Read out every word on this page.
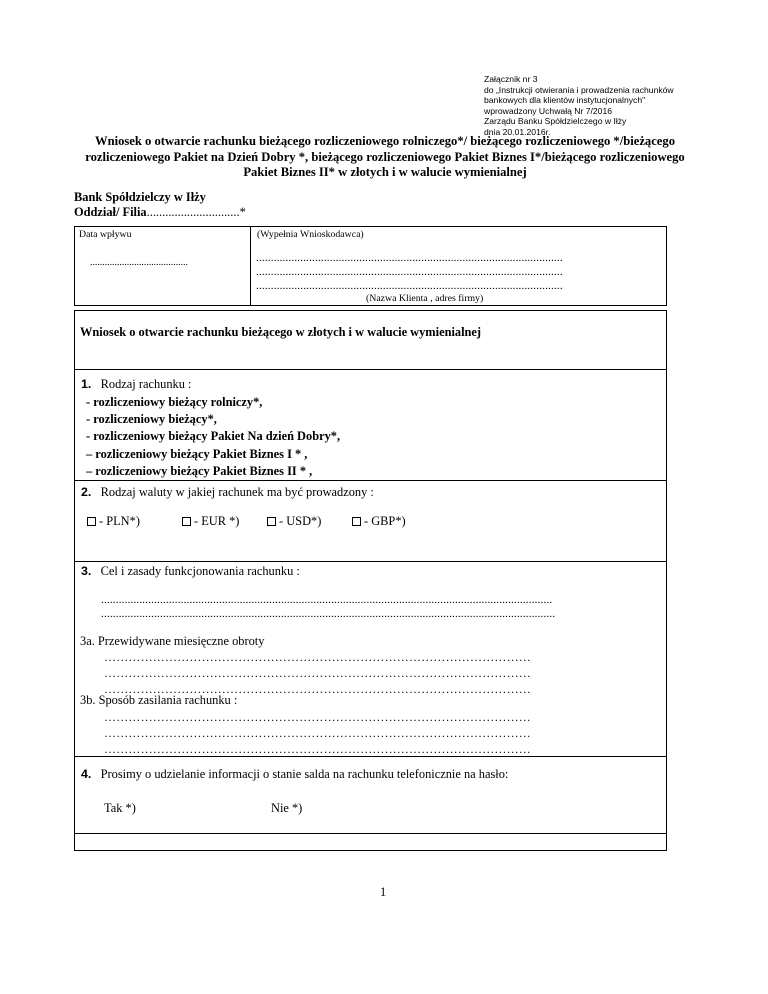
Załącznik nr 3
do „Instrukcji otwierania i prowadzenia rachunków
bankowych dla klientów instytucjonalnych"
wprowadzony Uchwałą Nr 7/2016
Zarządu Banku Spółdzielczego w Iłży
dnia 20.01.2016r.
Wniosek o otwarcie rachunku bieżącego rozliczeniowego rolniczego*/ bieżącego rozliczeniowego */bieżącego
rozliczeniowego Pakiet na Dzień Dobry *, bieżącego rozliczeniowego Pakiet Biznes I*/bieżącego rozliczeniowego
Pakiet Biznes II* w złotych i w walucie wymienialnej
Bank Spółdzielczy w Iłży
Oddział/ Filia..............................*
Data wpływu
........................................
(Wypełnia Wnioskodawca)
........................................................................................................
........................................................................................................
........................................................................................................
(Nazwa Klienta , adres firmy)
Wniosek o otwarcie rachunku bieżącego w złotych i w walucie wymienialnej
1. Rodzaj rachunku :
- rozliczeniowy bieżący rolniczy*,
- rozliczeniowy bieżący*,
- rozliczeniowy bieżący Pakiet Na dzień Dobry*,
– rozliczeniowy bieżący Pakiet Biznes I * ,
– rozliczeniowy bieżący Pakiet Biznes II * ,
2. Rodzaj waluty w jakiej rachunek ma być prowadzony :
- PLN*)	- EUR *)	- USD*)	- GBP*)
3. Cel i zasady funkcjonowania rachunku :
.........................................................................................................................................................
..........................................................................................................................................................
3a. Przewidywane miesięczne obroty
……………………………………………………………………………………………
……………………………………………………………………………………………
……………………………………………………………………………………………
3b. Sposób zasilania rachunku :
……………………………………………………………………………………………
……………………………………………………………………………………………
……………………………………………………………………………………………
4. Prosimy o udzielanie informacji o stanie salda na rachunku telefonicznie na hasło:
Tak *)	Nie *)
1
